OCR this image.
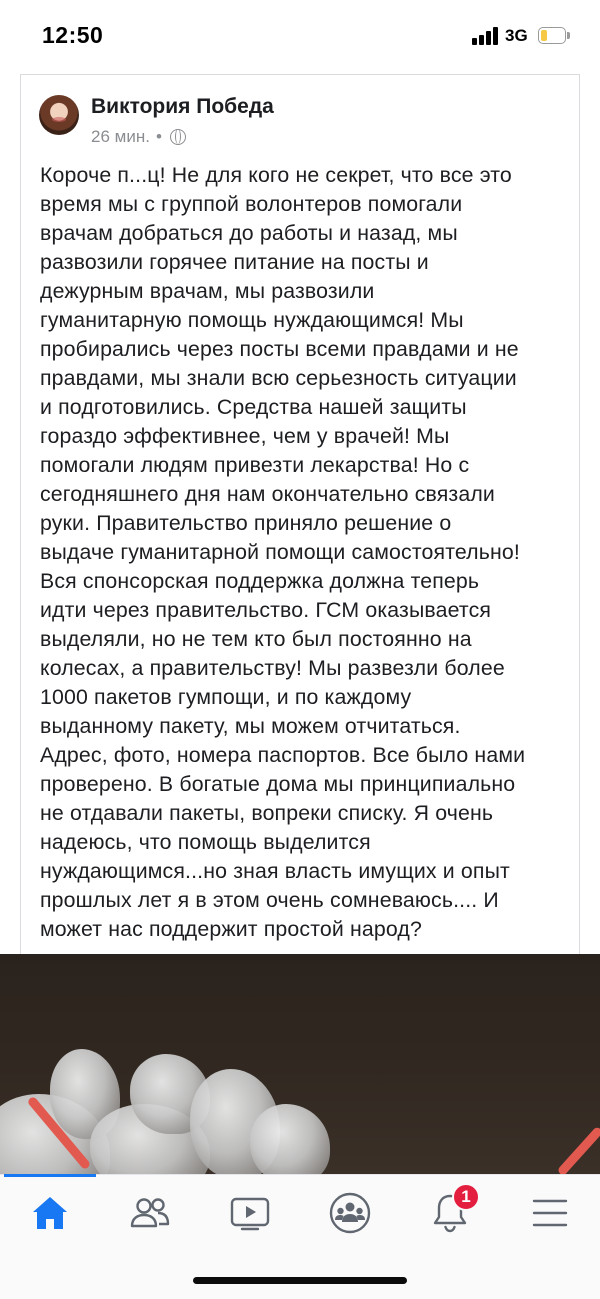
12:50	3G
Виктория Победа
26 мин. •
Короче п...ц! Не для кого не секрет, что все это
время мы с группой волонтеров помогали
врачам добраться до работы и назад, мы
развозили горячее питание на посты и
дежурным врачам, мы развозили
гуманитарную помощь нуждающимся! Мы
пробирались через посты всеми правдами и не
правдами, мы знали всю серьезность ситуации
и подготовились. Средства нашей защиты
гораздо эффективнее, чем у врачей! Мы
помогали людям привезти лекарства! Но с
сегодняшнего дня нам окончательно связали
руки. Правительство приняло решение о
выдаче гуманитарной помощи самостоятельно!
Вся спонсорская поддержка должна теперь
идти через правительство. ГСМ оказывается
выделяли, но не тем кто был постоянно на
колесах, а правительству! Мы развезли более
1000 пакетов гумпощи, и по каждому
выданному пакету, мы можем отчитаться.
Адрес, фото, номера паспортов. Все было нами
проверено. В богатые дома мы принципиально
не отдавали пакеты, вопреки списку. Я очень
надеюсь, что помощь выделится
нуждающимся...но зная власть имущих и опыт
прошлых лет я в этом очень сомневаюсь.... И
может нас поддержит простой народ?
1
